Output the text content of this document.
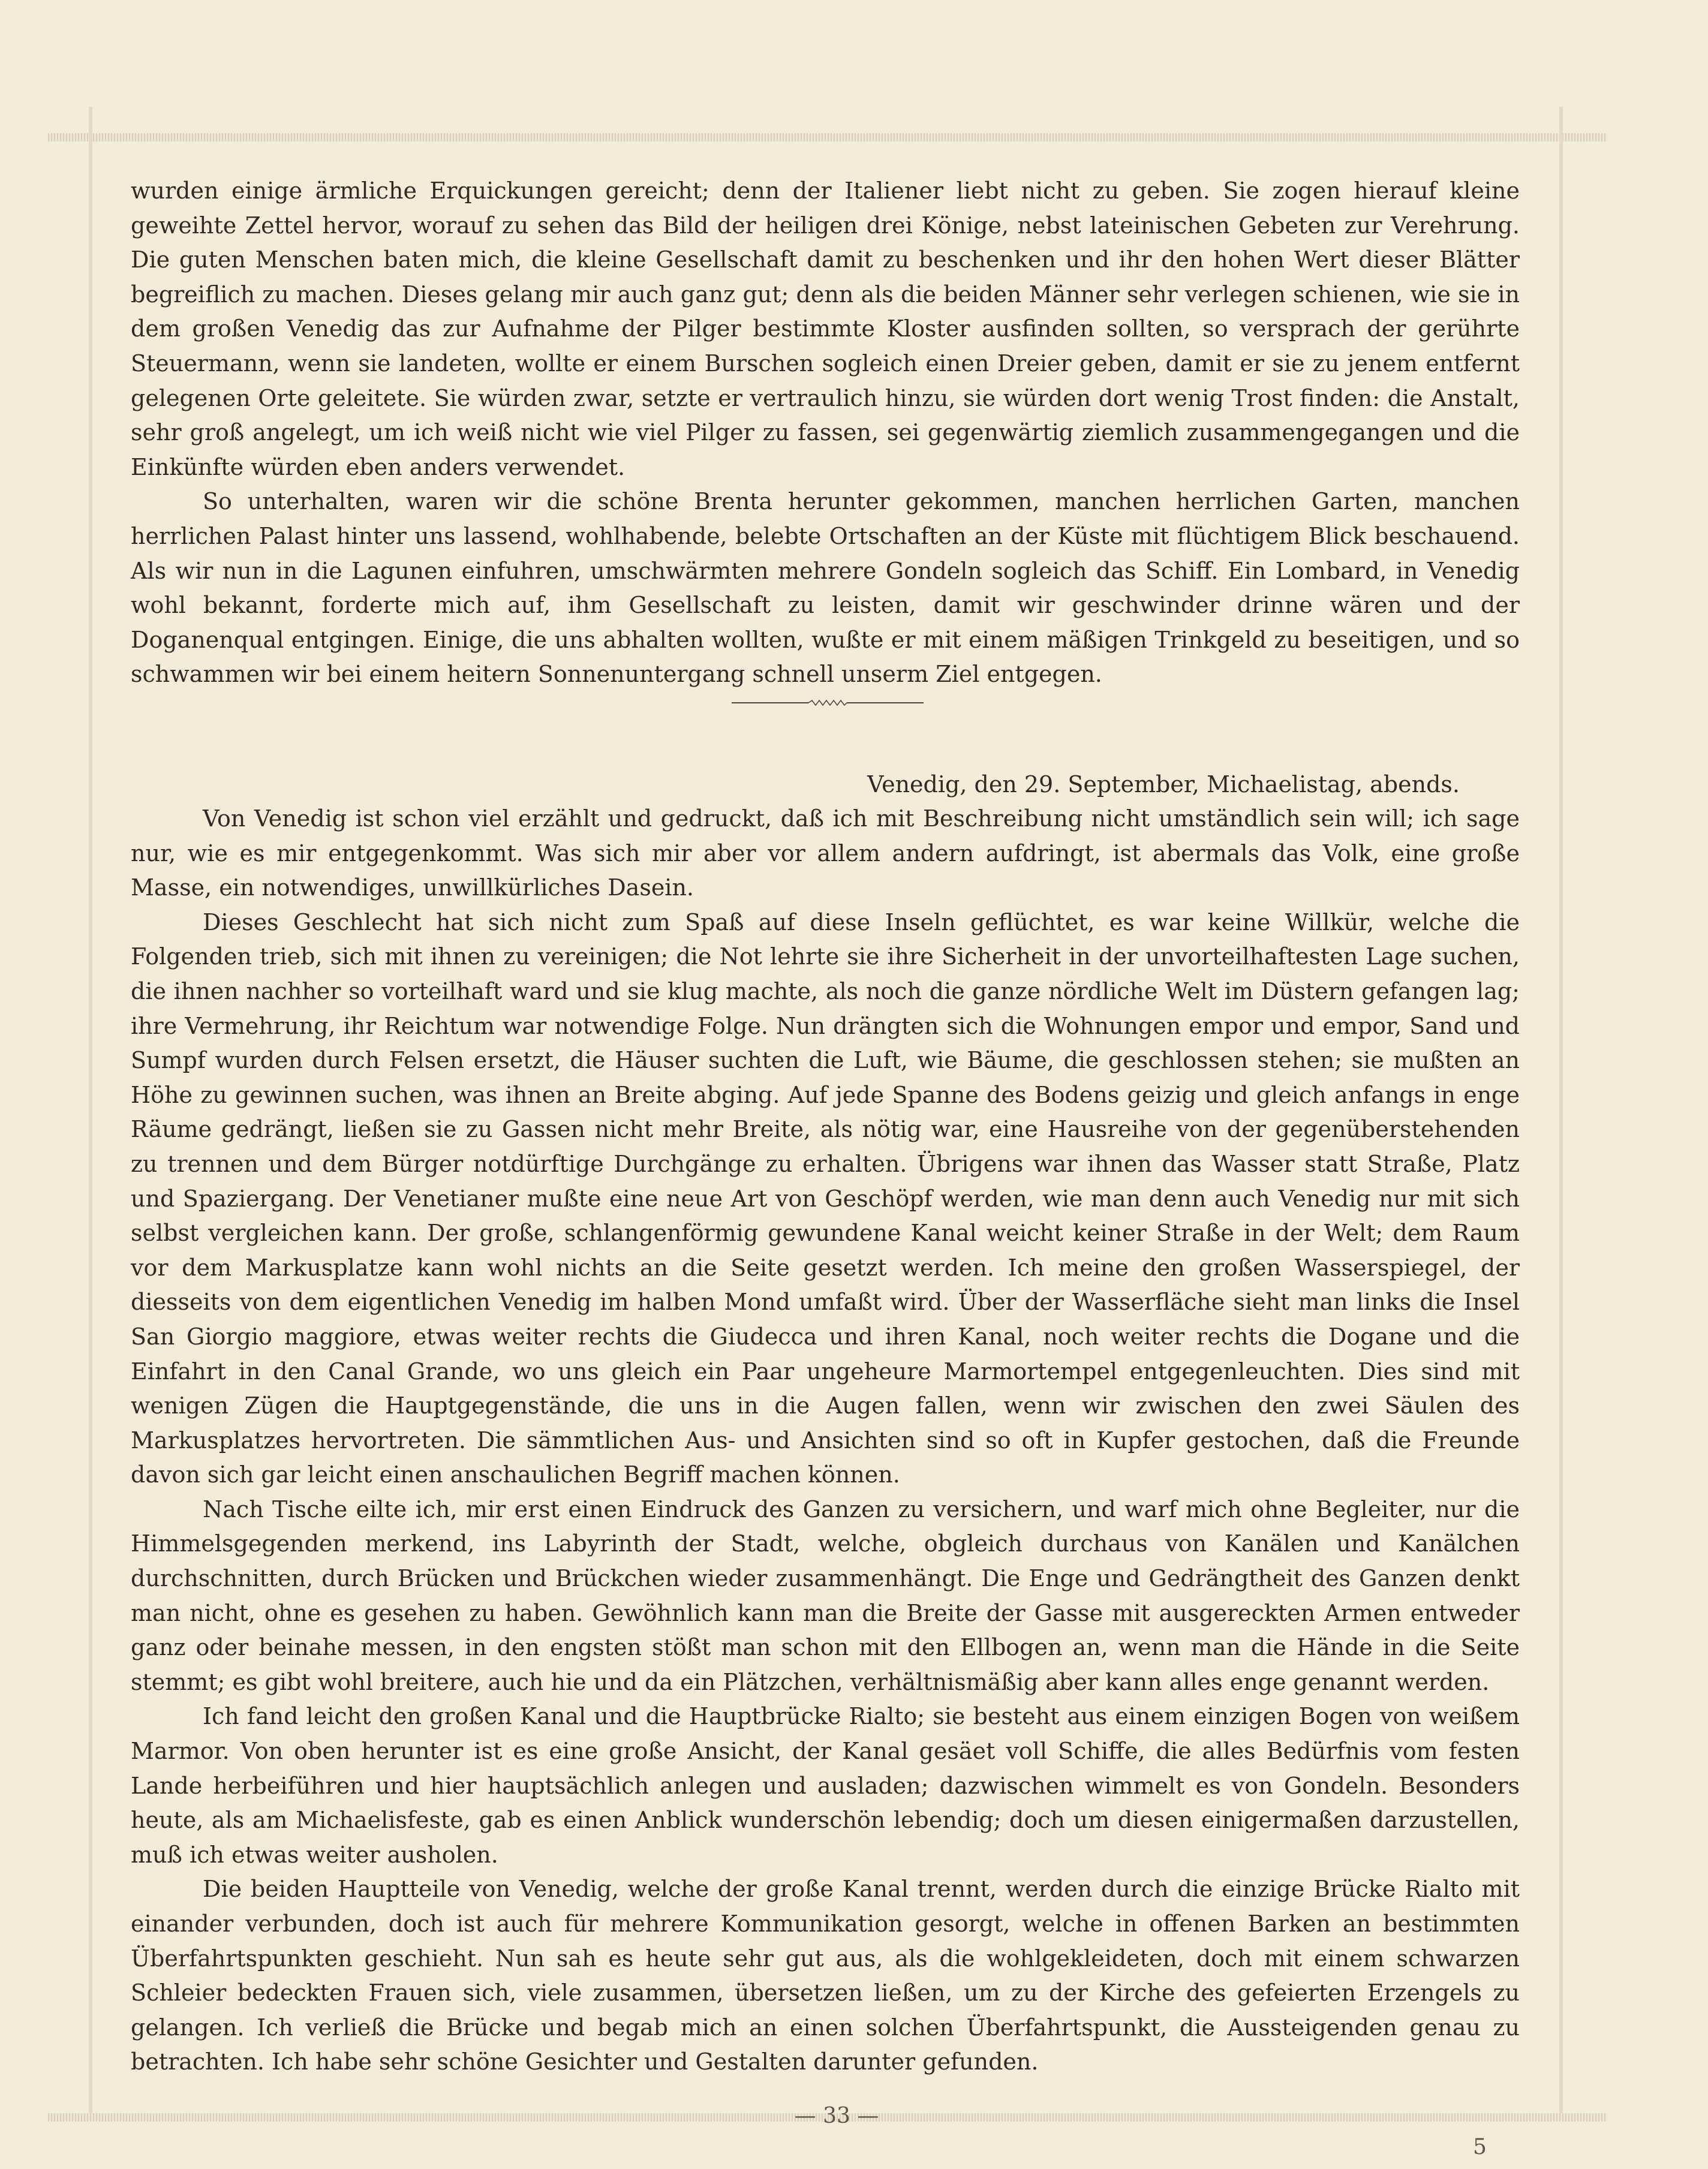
wurden einige ärmliche Erquickungen gereicht; denn der Italiener liebt nicht zu geben. Sie zogen hierauf kleine geweihte Zettel hervor, worauf zu sehen das Bild der heiligen drei Könige, nebst lateinischen Gebeten zur Verehrung. Die guten Menschen baten mich, die kleine Gesellschaft damit zu beschenken und ihr den hohen Wert dieser Blätter begreiflich zu machen. Dieses gelang mir auch ganz gut; denn als die beiden Männer sehr verlegen schienen, wie sie in dem großen Venedig das zur Aufnahme der Pilger bestimmte Kloster ausfinden sollten, so versprach der gerührte Steuermann, wenn sie landeten, wollte er einem Burschen sogleich einen Dreier geben, damit er sie zu jenem entfernt gelegenen Orte geleitete. Sie würden zwar, setzte er vertraulich hinzu, sie würden dort wenig Trost finden: die Anstalt, sehr groß angelegt, um ich weiß nicht wie viel Pilger zu fassen, sei gegenwärtig ziemlich zusammengegangen und die Einkünfte würden eben anders verwendet.

So unterhalten, waren wir die schöne Brenta herunter gekommen, manchen herrlichen Garten, manchen herrlichen Palast hinter uns lassend, wohlhabende, belebte Ortschaften an der Küste mit flüchtigem Blick beschauend. Als wir nun in die Lagunen einfuhren, umschwärmten mehrere Gondeln sogleich das Schiff. Ein Lombard, in Venedig wohl bekannt, forderte mich auf, ihm Gesellschaft zu leisten, damit wir geschwinder drinne wären und der Doganenqual entgingen. Einige, die uns abhalten wollten, wußte er mit einem mäßigen Trinkgeld zu beseitigen, und so schwammen wir bei einem heitern Sonnenuntergang schnell unserm Ziel entgegen.

Venedig, den 29. September, Michaelistag, abends.

Von Venedig ist schon viel erzählt und gedruckt, daß ich mit Beschreibung nicht umständlich sein will; ich sage nur, wie es mir entgegenkommt. Was sich mir aber vor allem andern aufdringt, ist abermals das Volk, eine große Masse, ein notwendiges, unwillkürliches Dasein.

Dieses Geschlecht hat sich nicht zum Spaß auf diese Inseln geflüchtet, es war keine Willkür, welche die Folgenden trieb, sich mit ihnen zu vereinigen; die Not lehrte sie ihre Sicherheit in der unvorteilhaftesten Lage suchen, die ihnen nachher so vorteilhaft ward und sie klug machte, als noch die ganze nördliche Welt im Düstern gefangen lag; ihre Vermehrung, ihr Reichtum war notwendige Folge. Nun drängten sich die Wohnungen empor und empor, Sand und Sumpf wurden durch Felsen ersetzt, die Häuser suchten die Luft, wie Bäume, die geschlossen stehen; sie mußten an Höhe zu gewinnen suchen, was ihnen an Breite abging. Auf jede Spanne des Bodens geizig und gleich anfangs in enge Räume gedrängt, ließen sie zu Gassen nicht mehr Breite, als nötig war, eine Hausreihe von der gegenüberstehenden zu trennen und dem Bürger notdürftige Durchgänge zu erhalten. Übrigens war ihnen das Wasser statt Straße, Platz und Spaziergang. Der Venetianer mußte eine neue Art von Geschöpf werden, wie man denn auch Venedig nur mit sich selbst vergleichen kann. Der große, schlangenförmig gewundene Kanal weicht keiner Straße in der Welt; dem Raum vor dem Markusplatze kann wohl nichts an die Seite gesetzt werden. Ich meine den großen Wasserspiegel, der diesseits von dem eigentlichen Venedig im halben Mond umfaßt wird. Über der Wasserfläche sieht man links die Insel San Giorgio maggiore, etwas weiter rechts die Giudecca und ihren Kanal, noch weiter rechts die Dogane und die Einfahrt in den Canal Grande, wo uns gleich ein Paar ungeheure Marmortempel entgegenleuchten. Dies sind mit wenigen Zügen die Hauptgegenstände, die uns in die Augen fallen, wenn wir zwischen den zwei Säulen des Markusplatzes hervortreten. Die sämmtlichen Aus- und Ansichten sind so oft in Kupfer gestochen, daß die Freunde davon sich gar leicht einen anschaulichen Begriff machen können.

Nach Tische eilte ich, mir erst einen Eindruck des Ganzen zu versichern, und warf mich ohne Begleiter, nur die Himmelsgegenden merkend, ins Labyrinth der Stadt, welche, obgleich durchaus von Kanälen und Kanälchen durchschnitten, durch Brücken und Brückchen wieder zusammenhängt. Die Enge und Gedrängtheit des Ganzen denkt man nicht, ohne es gesehen zu haben. Gewöhnlich kann man die Breite der Gasse mit ausgereckten Armen entweder ganz oder beinahe messen, in den engsten stößt man schon mit den Ellbogen an, wenn man die Hände in die Seite stemmt; es gibt wohl breitere, auch hie und da ein Plätzchen, verhältnismäßig aber kann alles enge genannt werden.

Ich fand leicht den großen Kanal und die Hauptbrücke Rialto; sie besteht aus einem einzigen Bogen von weißem Marmor. Von oben herunter ist es eine große Ansicht, der Kanal gesäet voll Schiffe, die alles Bedürfnis vom festen Lande herbeiführen und hier hauptsächlich anlegen und ausladen; dazwischen wimmelt es von Gondeln. Besonders heute, als am Michaelisfeste, gab es einen Anblick wunderschön lebendig; doch um diesen einigermaßen darzustellen, muß ich etwas weiter ausholen.

Die beiden Hauptteile von Venedig, welche der große Kanal trennt, werden durch die einzige Brücke Rialto mit einander verbunden, doch ist auch für mehrere Kommunikation gesorgt, welche in offenen Barken an bestimmten Überfahrtspunkten geschieht. Nun sah es heute sehr gut aus, als die wohlgekleideten, doch mit einem schwarzen Schleier bedeckten Frauen sich, viele zusammen, übersetzen ließen, um zu der Kirche des gefeierten Erzengels zu gelangen. Ich verließ die Brücke und begab mich an einen solchen Überfahrtspunkt, die Aussteigenden genau zu betrachten. Ich habe sehr schöne Gesichter und Gestalten darunter gefunden.

— 33 —
5
